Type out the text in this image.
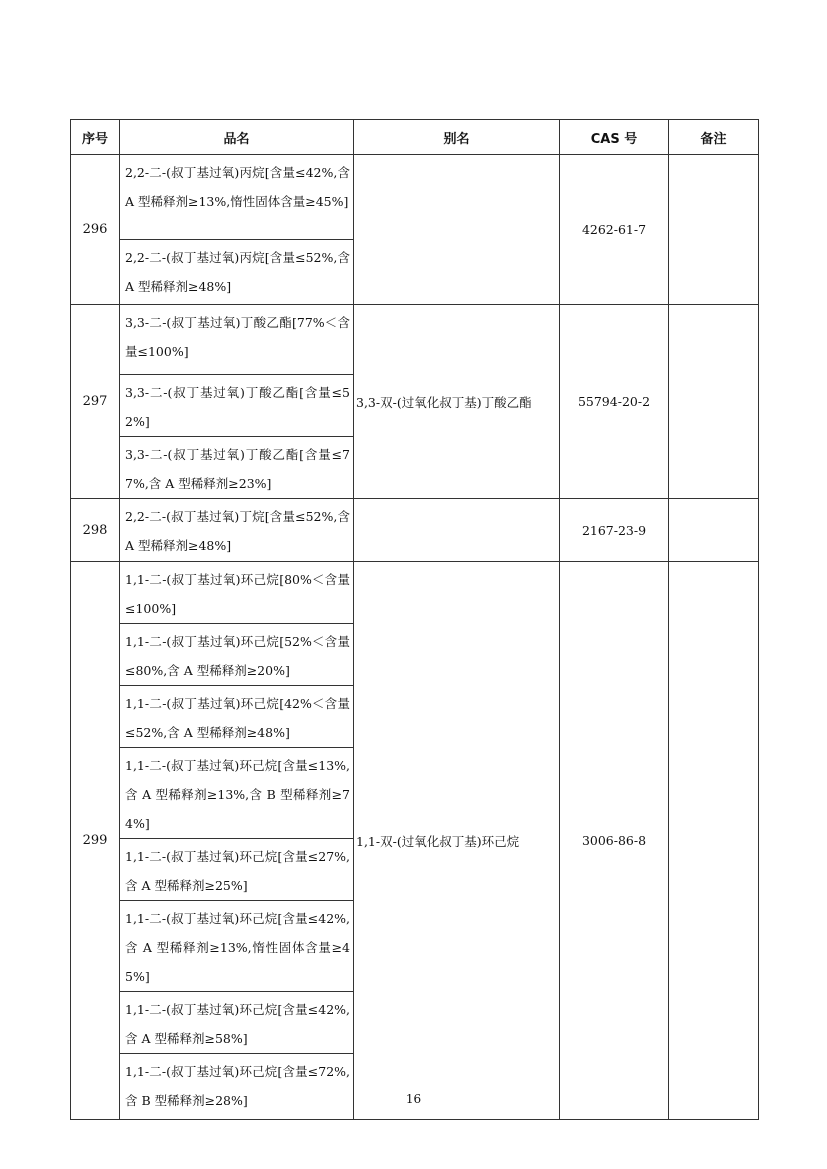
序号	品名	别名	CAS 号	备注
296	2,2-二-(叔丁基过氧)丙烷[含量≤42%,含 A 型稀释剂≥13%,惰性固体含量≥45%]		4262-61-7	
	2,2-二-(叔丁基过氧)丙烷[含量≤52%,含 A 型稀释剂≥48%]			
297	3,3-二-(叔丁基过氧)丁酸乙酯[77%＜含量≤100%]	3,3-双-(过氧化叔丁基)丁酸乙酯	55794-20-2	
	3,3-二-(叔丁基过氧)丁酸乙酯[含量≤52%]			
	3,3-二-(叔丁基过氧)丁酸乙酯[含量≤77%,含 A 型稀释剂≥23%]			
298	2,2-二-(叔丁基过氧)丁烷[含量≤52%,含 A 型稀释剂≥48%]		2167-23-9	
299	1,1-二-(叔丁基过氧)环己烷[80%＜含量≤100%]	1,1-双-(过氧化叔丁基)环己烷	3006-86-8	
	1,1-二-(叔丁基过氧)环己烷[52%＜含量≤80%,含 A 型稀释剂≥20%]			
	1,1-二-(叔丁基过氧)环己烷[42%＜含量≤52%,含 A 型稀释剂≥48%]			
	1,1-二-(叔丁基过氧)环己烷[含量≤13%,含 A 型稀释剂≥13%,含 B 型稀释剂≥74%]			
	1,1-二-(叔丁基过氧)环己烷[含量≤27%,含 A 型稀释剂≥25%]			
	1,1-二-(叔丁基过氧)环己烷[含量≤42%,含 A 型稀释剂≥13%,惰性固体含量≥45%]			
	1,1-二-(叔丁基过氧)环己烷[含量≤42%,含 A 型稀释剂≥58%]			
	1,1-二-(叔丁基过氧)环己烷[含量≤72%,含 B 型稀释剂≥28%]				16
